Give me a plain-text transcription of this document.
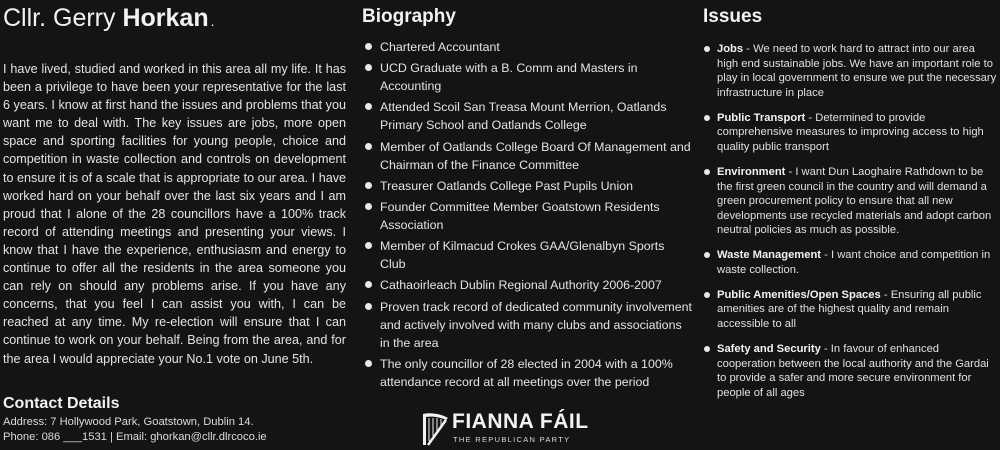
Cllr. Gerry Horkan .
I have lived, studied and worked in this area all my life. It has been a privilege to have been your representative for the last 6 years. I know at first hand the issues and problems that you want me to deal with. The key issues are jobs, more open space and sporting facilities for young people, choice and competition in waste collection and controls on development to ensure it is of a scale that is appropriate to our area. I have worked hard on your behalf over the last six years and I am proud that I alone of the 28 councillors have a 100% track record of attending meetings and presenting your views. I know that I have the experience, enthusiasm and energy to continue to offer all the residents in the area someone you can rely on should any problems arise. If you have any concerns, that you feel I can assist you with, I can be reached at any time. My re-election will ensure that I can continue to work on your behalf. Being from the area, and for the area I would appreciate your No.1 vote on June 5th.
Contact Details
Address: 7 Hollywood Park, Goatstown, Dublin 14.
Phone: 086 ___1531 | Email: ghorkan@cllr.dlrcoco.ie
Biography
Chartered Accountant
UCD Graduate with a B. Comm and Masters in Accounting
Attended Scoil San Treasa Mount Merrion, Oatlands Primary School and Oatlands College
Member of Oatlands College Board Of Management and Chairman of the Finance Committee
Treasurer Oatlands College Past Pupils Union
Founder Committee Member Goatstown Residents Association
Member of Kilmacud Crokes GAA/Glenalbyn Sports Club
Cathaoirleach Dublin Regional Authority 2006-2007
Proven track record of dedicated community involvement and actively involved with many clubs and associations in the area
The only councillor of 28 elected in 2004 with a 100% attendance record at all meetings over the period
Issues
Jobs - We need to work hard to attract into our area high end sustainable jobs. We have an important role to play in local government to ensure we put the necessary infrastructure in place
Public Transport - Determined to provide comprehensive measures to improving access to high quality public transport
Environment - I want Dun Laoghaire Rathdown to be the first green council in the country and will demand a green procurement policy to ensure that all new developments use recycled materials and adopt carbon neutral policies as much as possible.
Waste Management - I want choice and competition in waste collection.
Public Amenities/Open Spaces - Ensuring all public amenities are of the highest quality and remain accessible to all
Safety and Security - In favour of enhanced cooperation between the local authority and the Gardai to provide a safer and more secure environment for people of all ages
FIANNA FÁIL
THE REPUBLICAN PARTY
